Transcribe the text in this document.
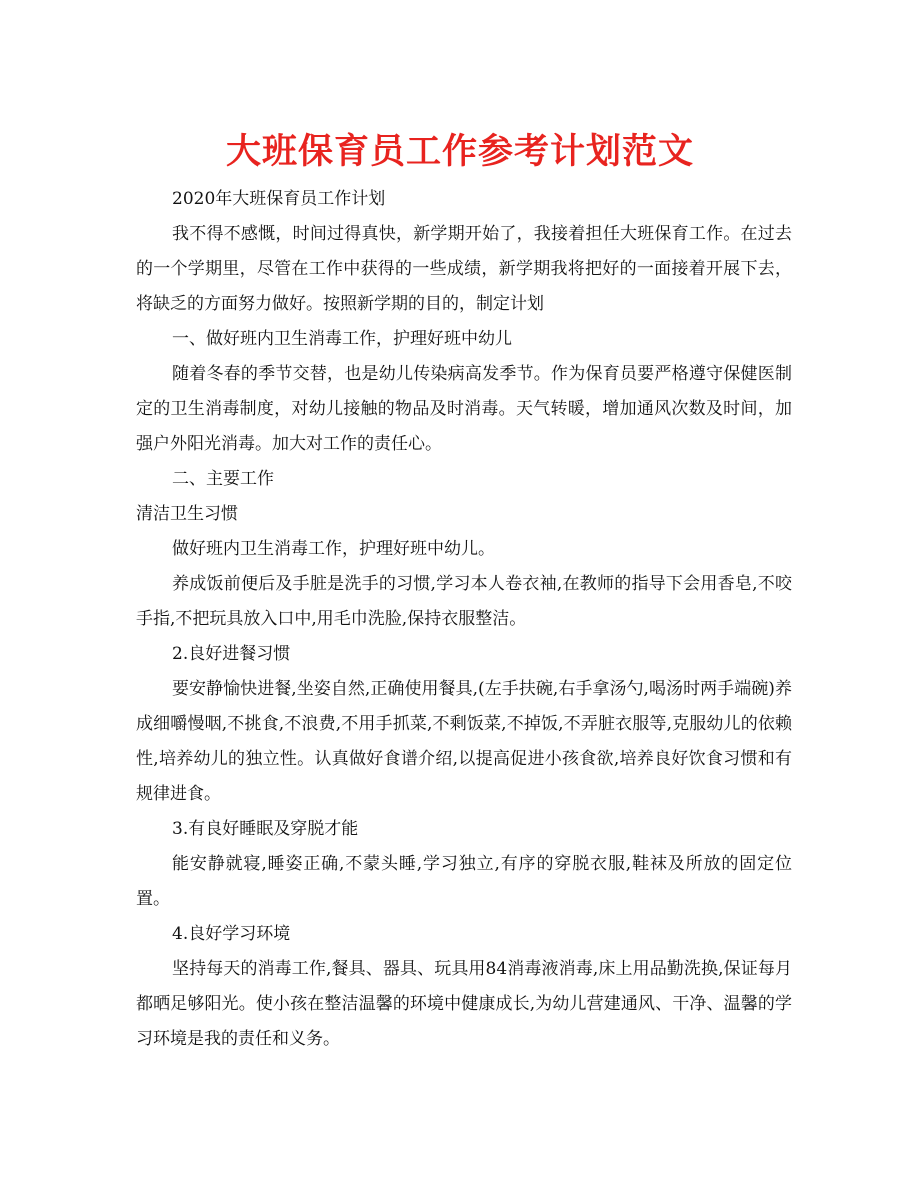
大班保育员工作参考计划范文

2020年大班保育员工作计划

我不得不感慨，时间过得真快，新学期开始了，我接着担任大班保育工作。在过去的一个学期里，尽管在工作中获得的一些成绩，新学期我将把好的一面接着开展下去，将缺乏的方面努力做好。按照新学期的目的，制定计划

一、做好班内卫生消毒工作，护理好班中幼儿

随着冬春的季节交替，也是幼儿传染病高发季节。作为保育员要严格遵守保健医制定的卫生消毒制度，对幼儿接触的物品及时消毒。天气转暖，增加通风次数及时间，加强户外阳光消毒。加大对工作的责任心。

二、主要工作

清洁卫生习惯

做好班内卫生消毒工作，护理好班中幼儿。

养成饭前便后及手脏是洗手的习惯,学习本人卷衣袖,在教师的指导下会用香皂,不咬手指,不把玩具放入口中,用毛巾洗脸,保持衣服整洁。

2.良好进餐习惯

要安静愉快进餐,坐姿自然,正确使用餐具,(左手扶碗,右手拿汤勺,喝汤时两手端碗)养成细嚼慢咽,不挑食,不浪费,不用手抓菜,不剩饭菜,不掉饭,不弄脏衣服等,克服幼儿的依赖性,培养幼儿的独立性。认真做好食谱介绍,以提高促进小孩食欲,培养良好饮食习惯和有规律进食。

3.有良好睡眠及穿脱才能

能安静就寝,睡姿正确,不蒙头睡,学习独立,有序的穿脱衣服,鞋袜及所放的固定位置。

4.良好学习环境

坚持每天的消毒工作,餐具、器具、玩具用84消毒液消毒,床上用品勤洗换,保证每月都晒足够阳光。使小孩在整洁温馨的环境中健康成长,为幼儿营建通风、干净、温馨的学习环境是我的责任和义务。
